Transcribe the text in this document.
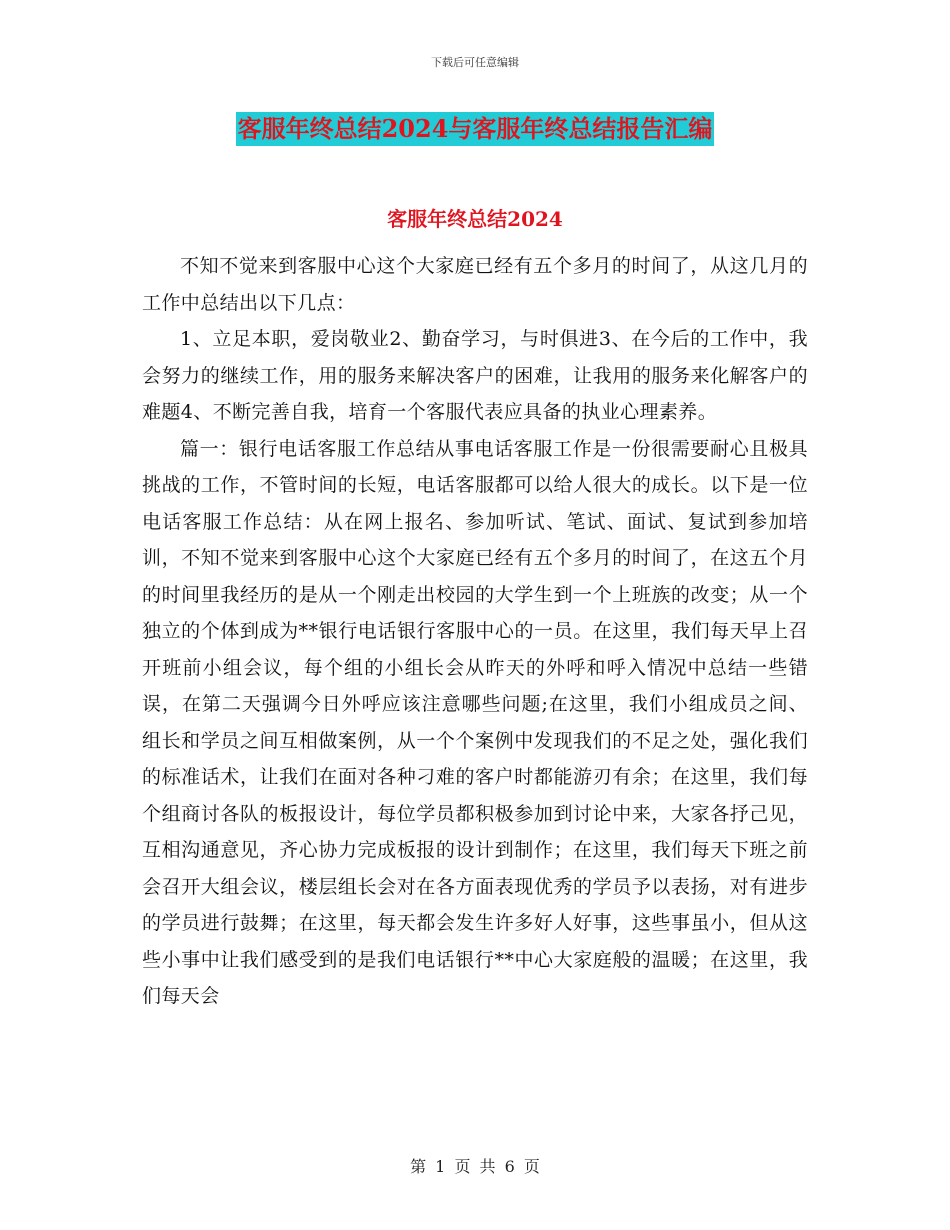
下载后可任意编辑
客服年终总结2024与客服年终总结报告汇编
客服年终总结2024

不知不觉来到客服中心这个大家庭已经有五个多月的时间了，从这几月的工作中总结出以下几点：

1、立足本职，爱岗敬业2、勤奋学习，与时俱进3、在今后的工作中，我会努力的继续工作，用的服务来解决客户的困难，让我用的服务来化解客户的难题4、不断完善自我，培育一个客服代表应具备的执业心理素养。

篇一：银行电话客服工作总结从事电话客服工作是一份很需要耐心且极具挑战的工作，不管时间的长短，电话客服都可以给人很大的成长。以下是一位电话客服工作总结：从在网上报名、参加听试、笔试、面试、复试到参加培训，不知不觉来到客服中心这个大家庭已经有五个多月的时间了，在这五个月的时间里我经历的是从一个刚走出校园的大学生到一个上班族的改变；从一个独立的个体到成为**银行电话银行客服中心的一员。在这里，我们每天早上召开班前小组会议，每个组的小组长会从昨天的外呼和呼入情况中总结一些错误，在第二天强调今日外呼应该注意哪些问题;在这里，我们小组成员之间、组长和学员之间互相做案例，从一个个案例中发现我们的不足之处，强化我们的标准话术，让我们在面对各种刁难的客户时都能游刃有余；在这里，我们每个组商讨各队的板报设计，每位学员都积极参加到讨论中来，大家各抒己见，互相沟通意见，齐心协力完成板报的设计到制作；在这里，我们每天下班之前会召开大组会议，楼层组长会对在各方面表现优秀的学员予以表扬，对有进步的学员进行鼓舞；在这里，每天都会发生许多好人好事，这些事虽小，但从这些小事中让我们感受到的是我们电话银行**中心大家庭般的温暖；在这里，我们每天会

第 1 页 共 6 页
